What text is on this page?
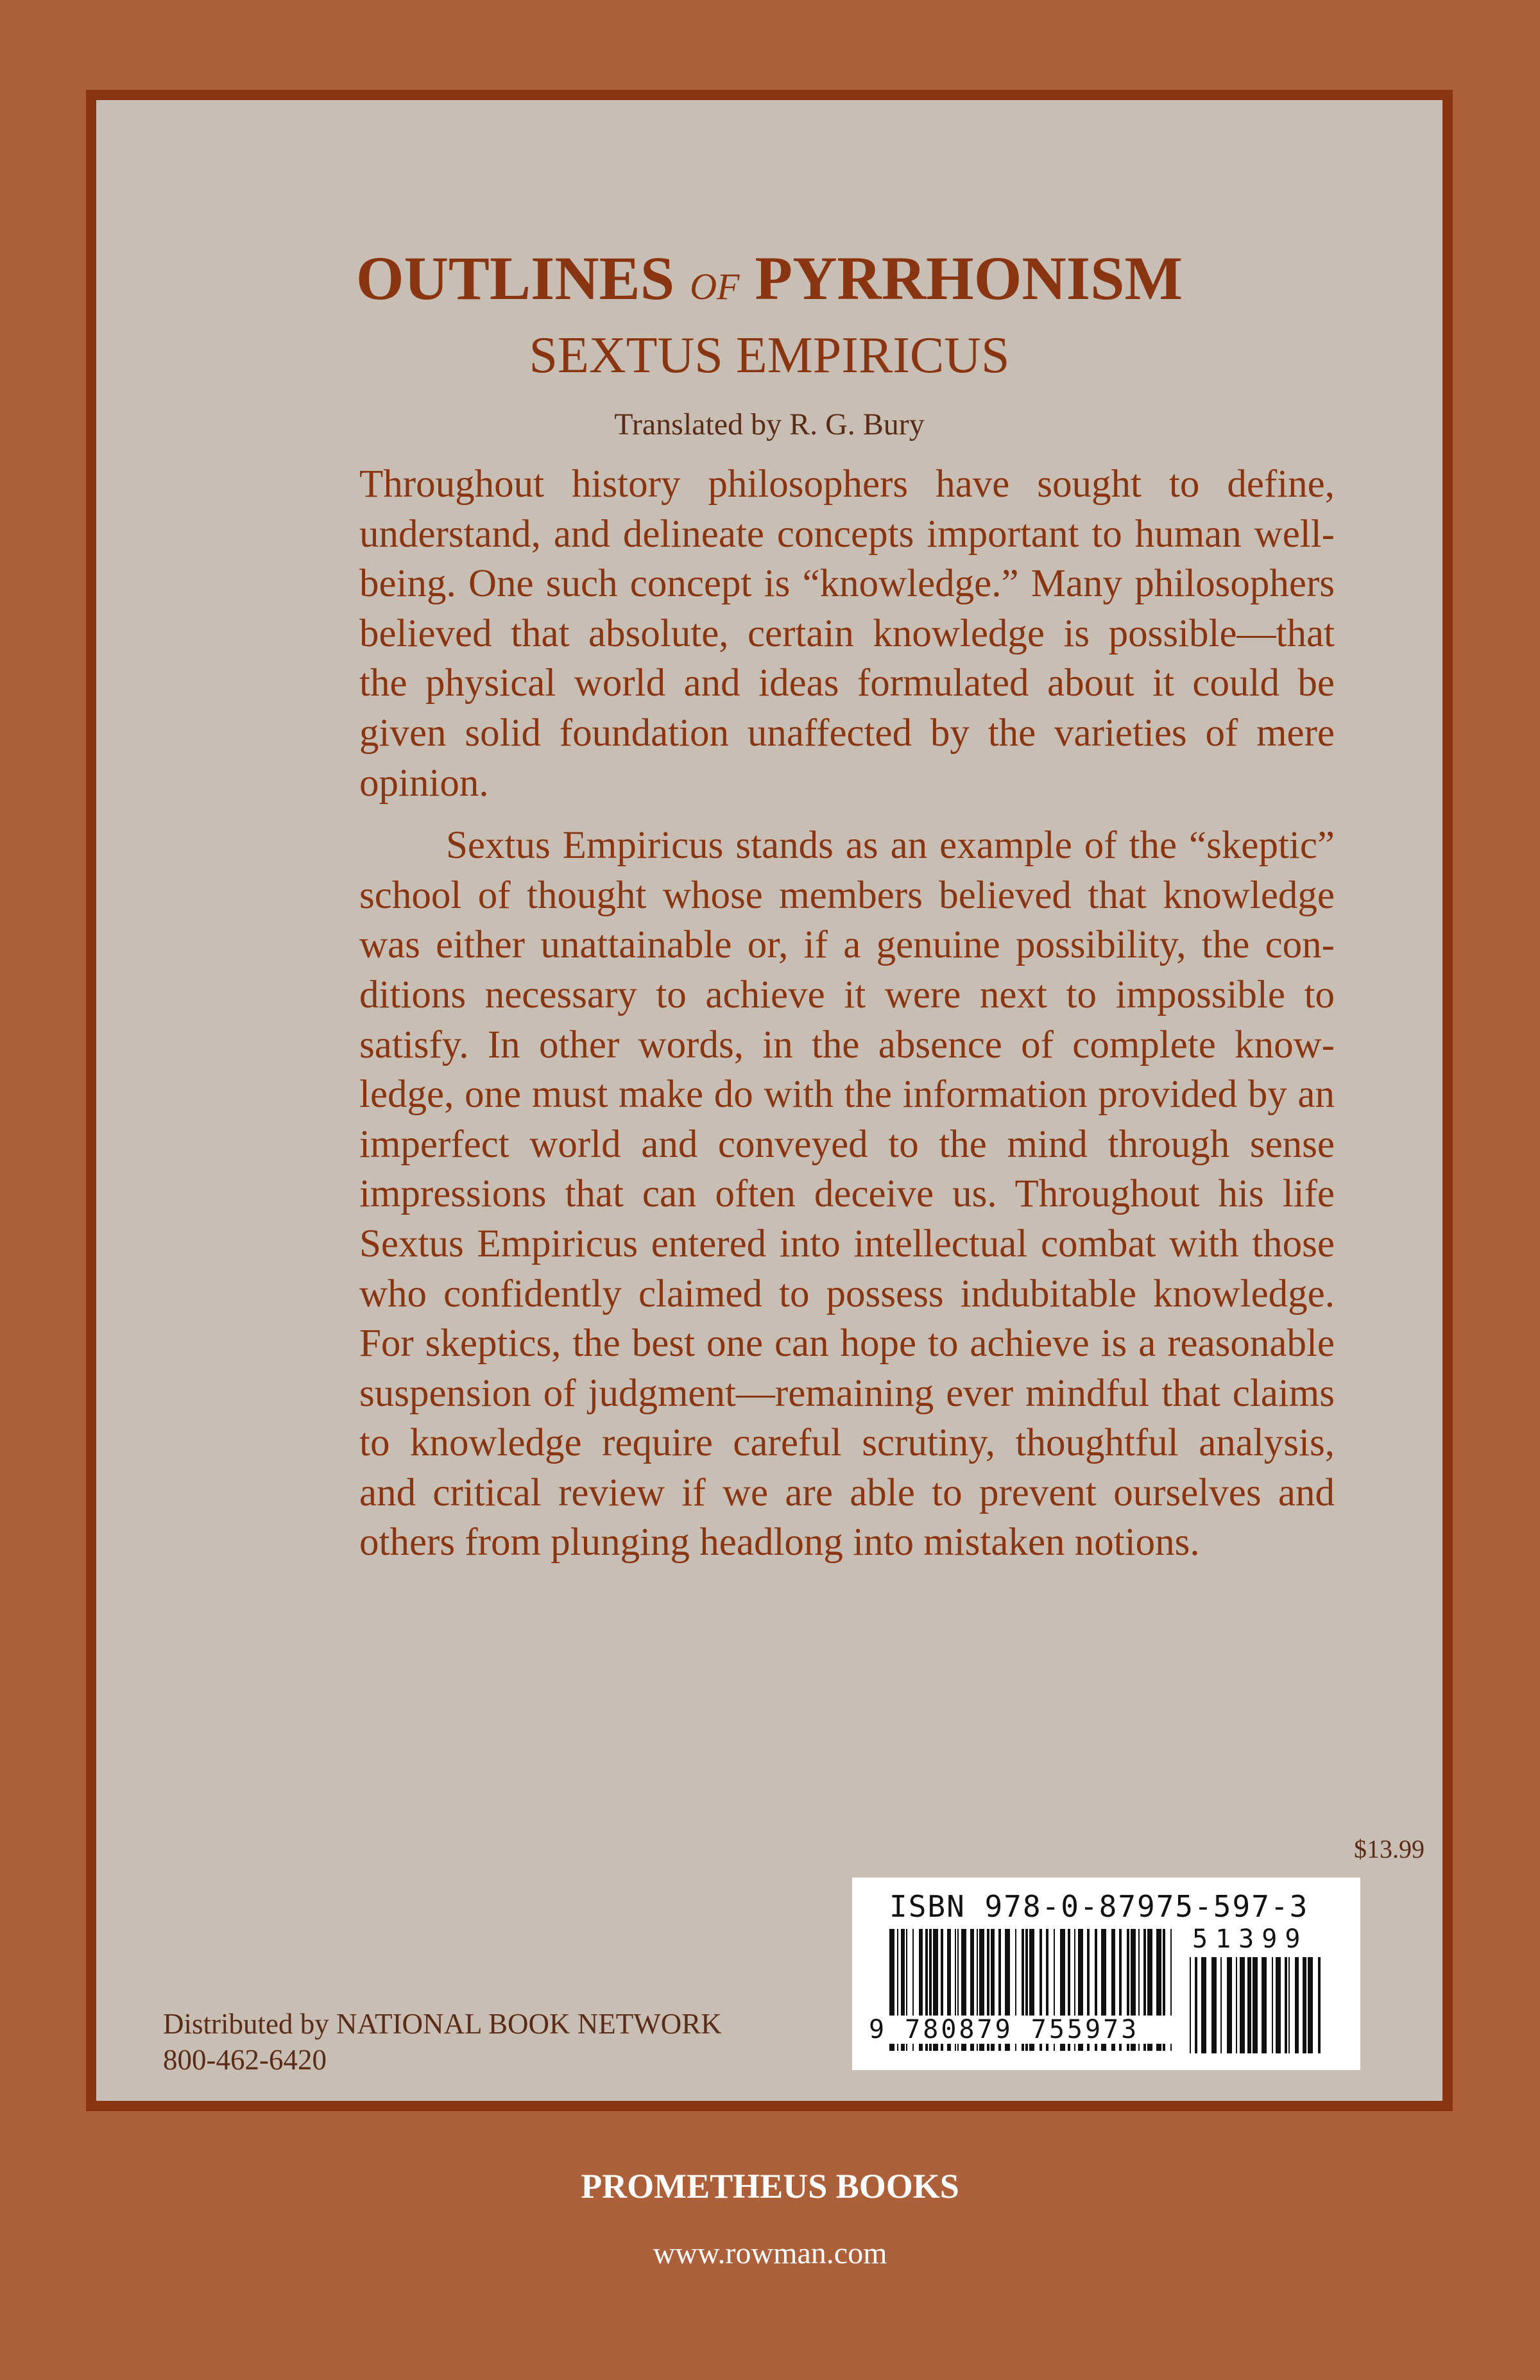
OUTLINES OF PYRRHONISM
SEXTUS EMPIRICUS
Translated by R. G. Bury

Throughout history philosophers have sought to define, understand, and delineate concepts important to human well-being. One such concept is “knowledge.” Many philosophers believed that absolute, certain knowledge is possible—that the physical world and ideas formulated about it could be given solid foundation unaffected by the varieties of mere opinion.

Sextus Empiricus stands as an example of the “skeptic” school of thought whose members believed that knowledge was either unattainable or, if a genuine possibility, the conditions necessary to achieve it were next to impossible to satisfy. In other words, in the absence of complete knowledge, one must make do with the information provided by an imperfect world and conveyed to the mind through sense impressions that can often deceive us. Throughout his life Sextus Empiricus entered into intellectual combat with those who confidently claimed to possess indubitable knowledge. For skeptics, the best one can hope to achieve is a reasonable suspension of judgment—remaining ever mindful that claims to knowledge require careful scrutiny, thoughtful analysis, and critical review if we are able to prevent ourselves and others from plunging headlong into mistaken notions.

$13.99
ISBN 978-0-87975-597-3
51399
9 780879 755973
Distributed by NATIONAL BOOK NETWORK
800-462-6420
PROMETHEUS BOOKS
www.rowman.com
